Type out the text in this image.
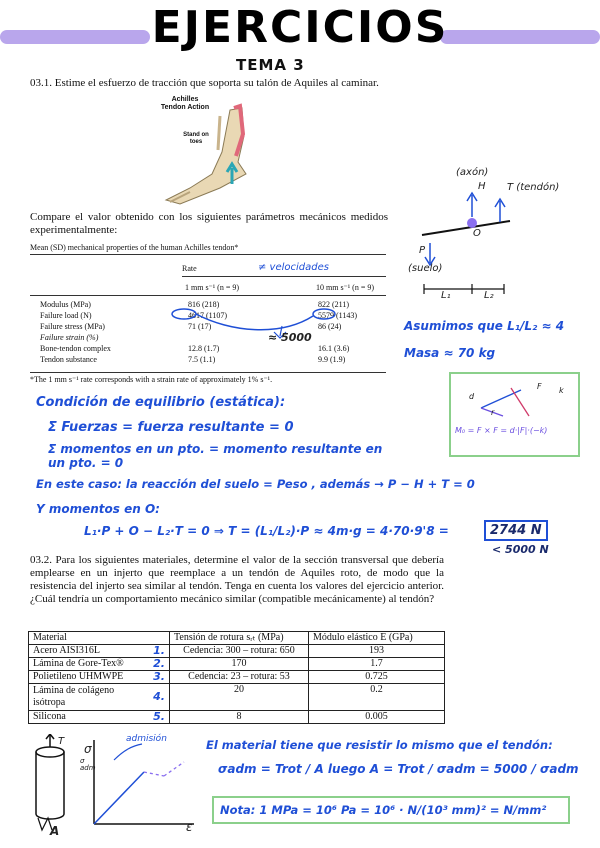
EJERCICIOS
TEMA 3
03.1. Estime el esfuerzo de tracción que soporta su talón de Aquiles al caminar.
Achilles Tendon Action
Stand on toes
Compare el valor obtenido con los siguientes parámetros mecánicos medidos experimentalmente:
Mean (SD) mechanical properties of the human Achilles tendon*
Rate
1 mm s⁻¹ (n = 9)	10 mm s⁻¹ (n = 9)
Modulus (MPa)	816 (218)	822 (211)
Failure load (N)	4617 (1107)	5579 (1143)
Failure stress (MPa)	71 (17)	86 (24)
Failure strain (%)		
Bone-tendon complex	12.8 (1.7)	16.1 (3.6)
Tendon substance	7.5 (1.1)	9.9 (1.9)
*The 1 mm s⁻¹ rate corresponds with a strain rate of approximately 1% s⁻¹.
≠ velocidades
≈ 5000
(axón)
H T (tendón)
O
(suelo)
P
L₁	L₂
Asumimos que L₁/L₂ ≈ 4
Masa ≈ 70 kg
d
r
F k
M₀ = F × F = d·|F|·(−k)
Condición de equilibrio (estática):
Σ Fuerzas = fuerza resultante = 0
Σ momentos en un pto. = momento resultante en un pto. = 0
En este caso: la reacción del suelo = Peso , además → P − H + T = 0
Y momentos en O:
L₁·P + O − L₂·T = 0 ⇒ T = (L₁/L₂)·P ≈ 4m·g = 4·70·9'8 =	2744 N
< 5000 N
03.2. Para los siguientes materiales, determine el valor de la sección transversal que debería emplearse en un injerto que reemplace a un tendón de Aquiles roto, de modo que la resistencia del injerto sea similar al tendón. Tenga en cuenta los valores del ejercicio anterior. ¿Cuál tendría un comportamiento mecánico similar (compatible mecánicamente) al tendón?
Material	Tensión de rotura sᵣₜ (MPa)	Módulo elástico E (GPa)
Acero AISI316L 1.	Cedencia: 300 – rotura: 650	193
Lámina de Gore-Tex® 2.	170	1.7
Polietileno UHMWPE 3.	Cedencia: 23 – rotura: 53	0.725
Lámina de colágeno isótropa 4.	20	0.2
Silicona 5.	8	0.005
T
A
admisión
σ
σ adm
ε
El material tiene que resistir lo mismo que el tendón:
σadm = Trot / A luego A = Trot / σadm = 5000 / σadm
Nota: 1 MPa = 10⁶ Pa = 10⁶ · N/(10³ mm)² = N/mm²
